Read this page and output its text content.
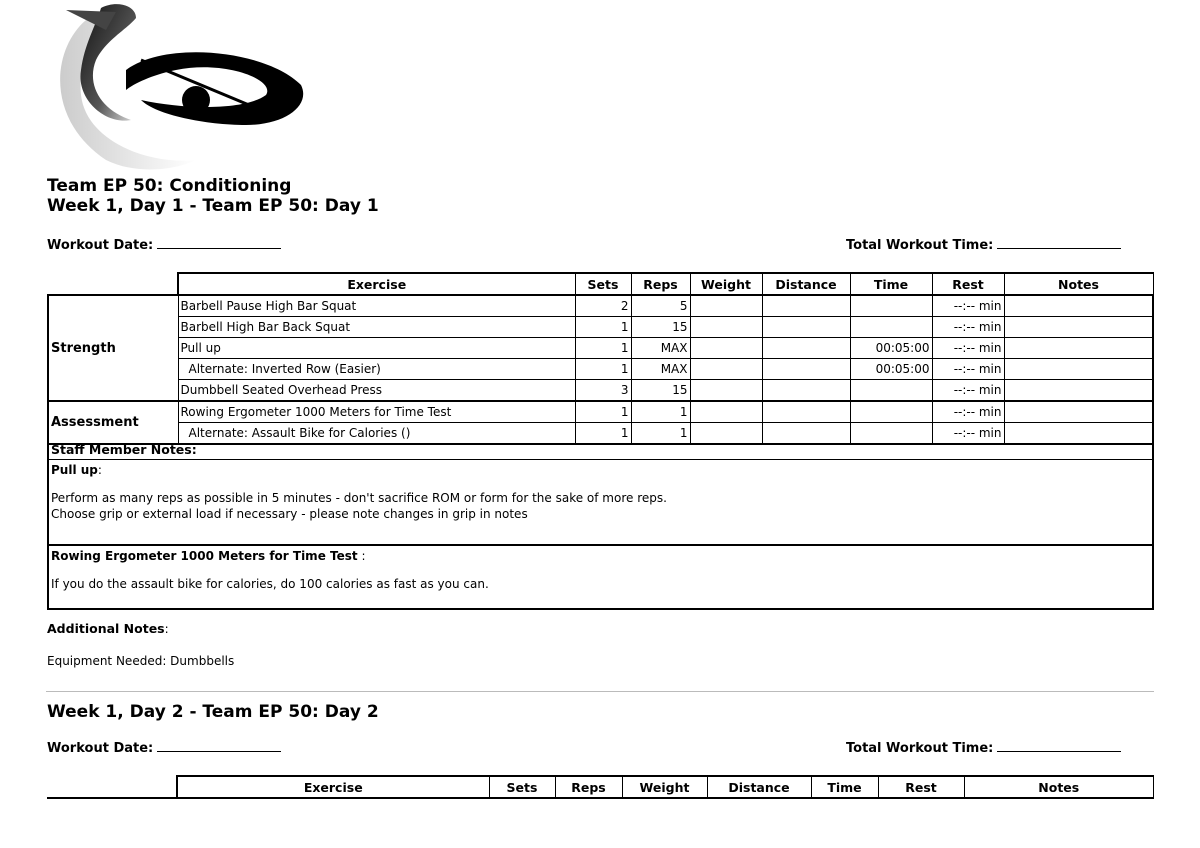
Team EP 50: Conditioning

Week 1, Day 1 - Team EP 50: Day 1

Workout Date:	Total Workout Time:
	Exercise	Sets	Reps	Weight	Distance	Time	Rest	Notes
Strength	Barbell Pause High Bar Squat	2	5				--:-- min	
	Barbell High Bar Back Squat	1	15				--:-- min	
	Pull up	1	MAX			00:05:00	--:-- min	
	Alternate: Inverted Row (Easier)	1	MAX			00:05:00	--:-- min	
	Dumbbell Seated Overhead Press	3	15				--:-- min	
Assessment	Rowing Ergometer 1000 Meters for Time Test	1	1				--:-- min	
	Alternate: Assault Bike for Calories ()	1	1				--:-- min	
Staff Member Notes:
Pull up:
Perform as many reps as possible in 5 minutes - don't sacrifice ROM or form for the sake of more reps.
Choose grip or external load if necessary - please note changes in grip in notes
Rowing Ergometer 1000 Meters for Time Test :
If you do the assault bike for calories, do 100 calories as fast as you can.
Additional Notes:
Equipment Needed: Dumbbells

Week 1, Day 2 - Team EP 50: Day 2

Workout Date:	Total Workout Time:
	Exercise	Sets	Reps	Weight	Distance	Time	Rest	Notes
